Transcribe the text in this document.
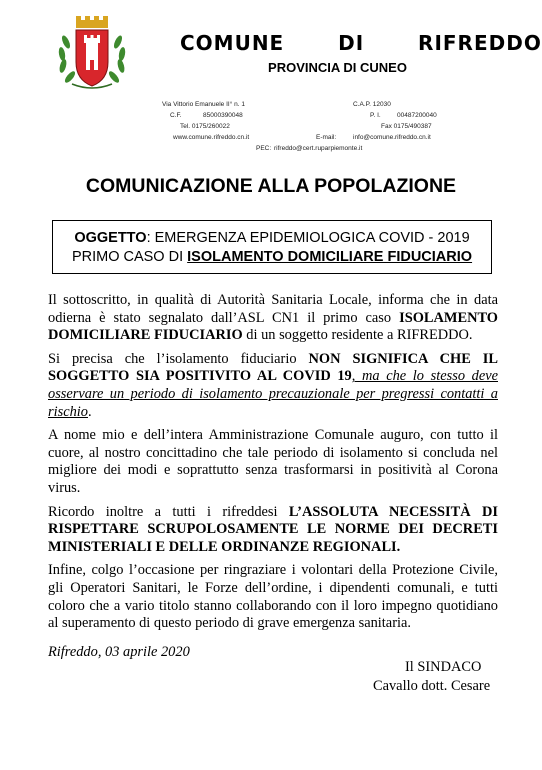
COMUNE   DI   RIFREDDO
PROVINCIA DI CUNEO
Via Vittorio Emanuele II° n. 1	C.A.P. 12030
C.F.	85000390048	P. I.	00487200040
Tel. 0175/260022	Fax 0175/490387
www.comune.rifreddo.cn.it	E-mail:	info@comune.rifreddo.cn.it
PEC: rifreddo@cert.ruparpiemonte.it
COMUNICAZIONE ALLA POPOLAZIONE
OGGETTO: EMERGENZA EPIDEMIOLOGICA COVID - 2019
PRIMO CASO DI ISOLAMENTO DOMICILIARE FIDUCIARIO

Il sottoscritto, in qualità di Autorità Sanitaria Locale, informa che in data odierna è stato segnalato dall’ASL CN1 il primo caso ISOLAMENTO DOMICILIARE FIDUCIARIO di un soggetto residente a RIFREDDO.

Si precisa che l’isolamento fiduciario NON SIGNIFICA CHE IL SOGGETTO SIA POSITIVITO AL COVID 19, ma che lo stesso deve osservare un periodo di isolamento precauzionale per pregressi contatti a rischio.

A nome mio e dell’intera Amministrazione Comunale auguro, con tutto il cuore, al nostro concittadino che tale periodo di isolamento si concluda nel migliore dei modi e soprattutto senza trasformarsi in positività al Corona virus.

Ricordo inoltre a tutti i rifreddesi L’ASSOLUTA NECESSITÀ DI RISPETTARE SCRUPOLOSAMENTE LE NORME DEI DECRETI MINISTERIALI E DELLE ORDINANZE REGIONALI.

Infine, colgo l’occasione per ringraziare i volontari della Protezione Civile, gli Operatori Sanitari, le Forze dell’ordine, i dipendenti comunali, e tutti coloro che a vario titolo stanno collaborando con il loro impegno quotidiano al superamento di questo periodo di grave emergenza sanitaria.

Rifreddo, 03 aprile 2020
Il SINDACO
Cavallo dott. Cesare
